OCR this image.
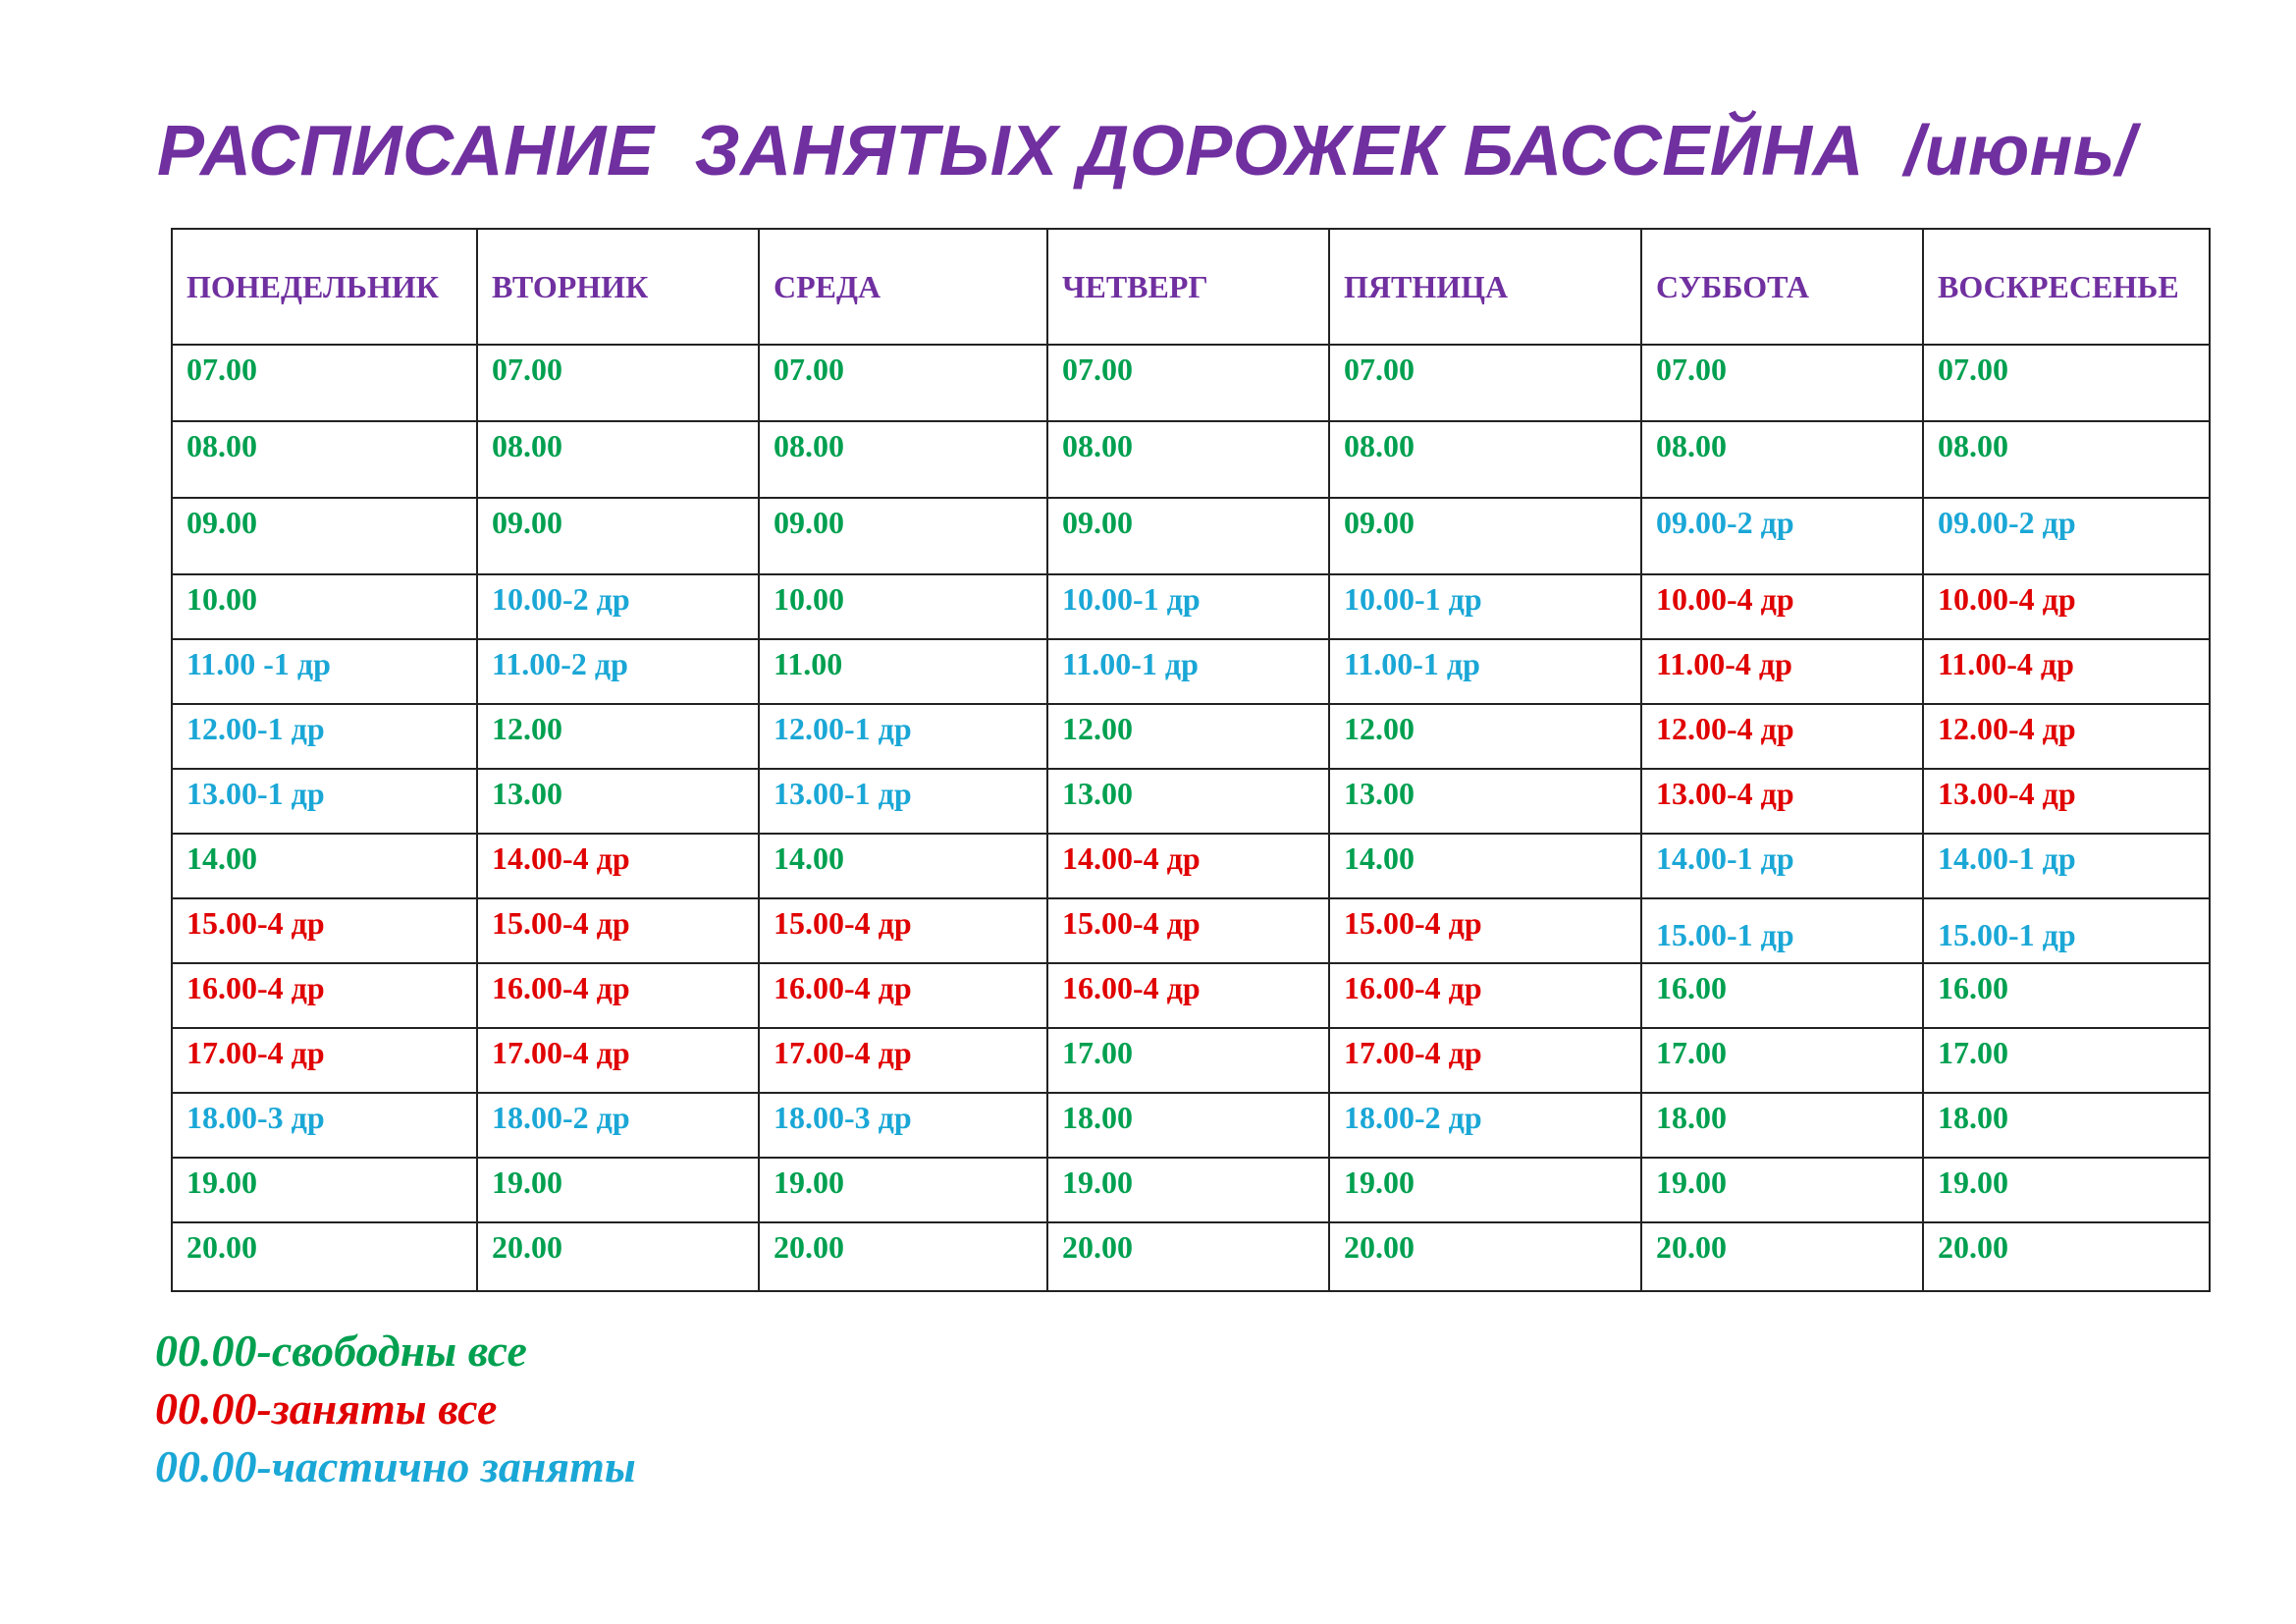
РАСПИСАНИЕ  ЗАНЯТЫХ ДОРОЖЕК БАССЕЙНА  /июнь/
ПОНЕДЕЛЬНИК	ВТОРНИК	СРЕДА	ЧЕТВЕРГ	ПЯТНИЦА	СУББОТА	ВОСКРЕСЕНЬЕ
07.00	07.00	07.00	07.00	07.00	07.00	07.00
08.00	08.00	08.00	08.00	08.00	08.00	08.00
09.00	09.00	09.00	09.00	09.00	09.00-2 др	09.00-2 др
10.00	10.00-2 др	10.00	10.00-1 др	10.00-1 др	10.00-4 др	10.00-4 др
11.00 -1 др	11.00-2 др	11.00	11.00-1 др	11.00-1 др	11.00-4 др	11.00-4 др
12.00-1 др	12.00	12.00-1 др	12.00	12.00	12.00-4 др	12.00-4 др
13.00-1 др	13.00	13.00-1 др	13.00	13.00	13.00-4 др	13.00-4 др
14.00	14.00-4 др	14.00	14.00-4 др	14.00	14.00-1 др	14.00-1 др
15.00-4 др	15.00-4 др	15.00-4 др	15.00-4 др	15.00-4 др	15.00-1 др	15.00-1 др
16.00-4 др	16.00-4 др	16.00-4 др	16.00-4 др	16.00-4 др	16.00	16.00
17.00-4 др	17.00-4 др	17.00-4 др	17.00	17.00-4 др	17.00	17.00
18.00-3 др	18.00-2 др	18.00-3 др	18.00	18.00-2 др	18.00	18.00
19.00	19.00	19.00	19.00	19.00	19.00	19.00
20.00	20.00	20.00	20.00	20.00	20.00	20.00
00.00-свободны все
00.00-заняты все
00.00-частично заняты
